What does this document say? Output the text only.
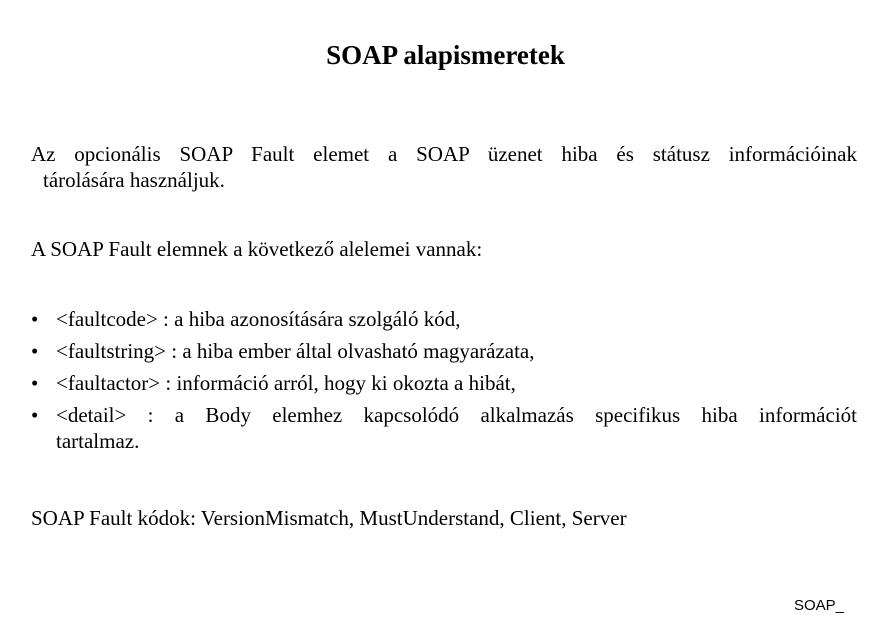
SOAP alapismeretek
Az opcionális SOAP Fault elemet a SOAP üzenet hiba és státusz információinak
tárolására használjuk.
A SOAP Fault elemnek a következő alelemei vannak:
• <faultcode> : a hiba azonosítására szolgáló kód,
• <faultstring> : a hiba ember által olvasható magyarázata,
• <faultactor> : információ arról, hogy ki okozta a hibát,
• <detail> : a Body elemhez kapcsolódó alkalmazás specifikus hiba információt
tartalmaz.
SOAP Fault kódok: VersionMismatch, MustUnderstand, Client, Server
SOAP_
